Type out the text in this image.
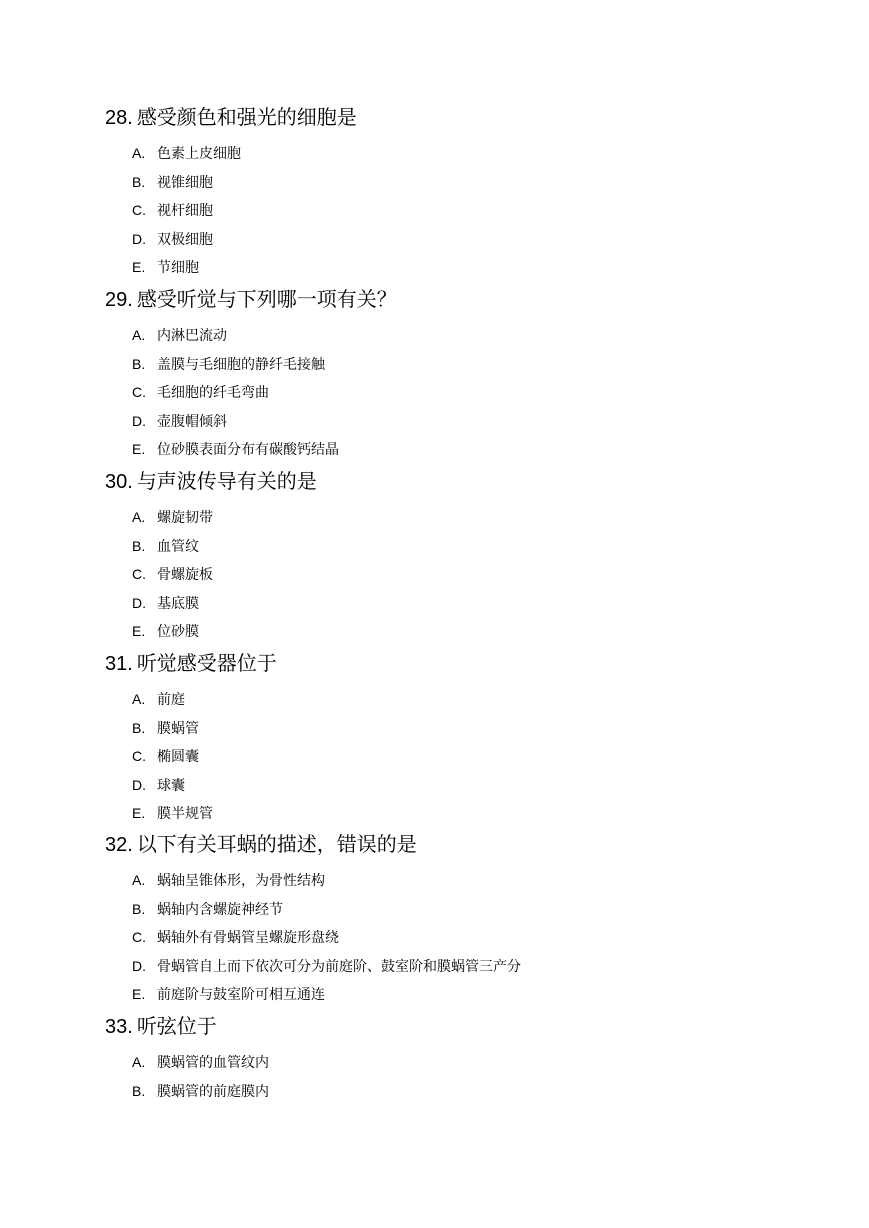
28. 感受颜色和强光的细胞是
A. 色素上皮细胞
B. 视锥细胞
C. 视杆细胞
D. 双极细胞
E. 节细胞
29. 感受听觉与下列哪一项有关？
A. 内淋巴流动
B. 盖膜与毛细胞的静纤毛接触
C. 毛细胞的纤毛弯曲
D. 壶腹帽倾斜
E. 位砂膜表面分布有碳酸钙结晶
30. 与声波传导有关的是
A. 螺旋韧带
B. 血管纹
C. 骨螺旋板
D. 基底膜
E. 位砂膜
31. 听觉感受器位于
A. 前庭
B. 膜蜗管
C. 椭圆囊
D. 球囊
E. 膜半规管
32. 以下有关耳蜗的描述，错误的是
A. 蜗轴呈锥体形，为骨性结构
B. 蜗轴内含螺旋神经节
C. 蜗轴外有骨蜗管呈螺旋形盘绕
D. 骨蜗管自上而下依次可分为前庭阶、鼓室阶和膜蜗管三产分
E. 前庭阶与鼓室阶可相互通连
33. 听弦位于
A. 膜蜗管的血管纹内
B. 膜蜗管的前庭膜内
